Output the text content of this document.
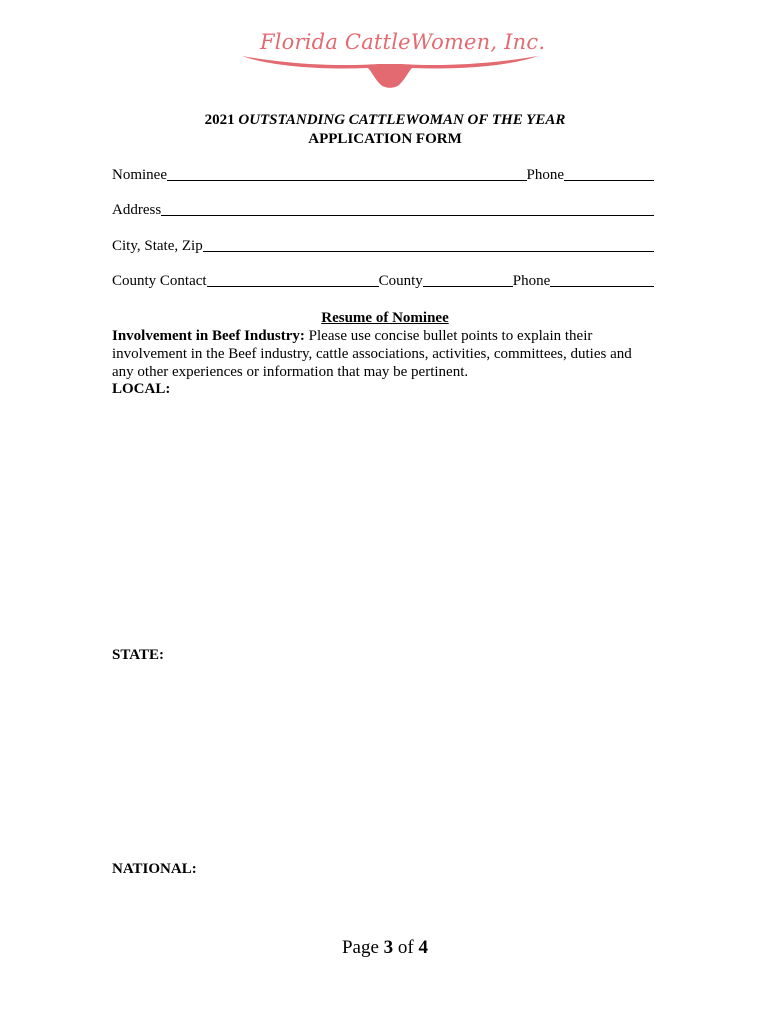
Florida CattleWomen, Inc.
2021 OUTSTANDING CATTLEWOMAN OF THE YEAR
APPLICATION FORM
Nominee	Phone
Address
City, State, Zip
County Contact	County	Phone
Resume of Nominee
Involvement in Beef Industry: Please use concise bullet points to explain their involvement in the Beef industry, cattle associations, activities, committees, duties and any other experiences or information that may be pertinent.
LOCAL:
STATE:
NATIONAL:
Page 3 of 4
